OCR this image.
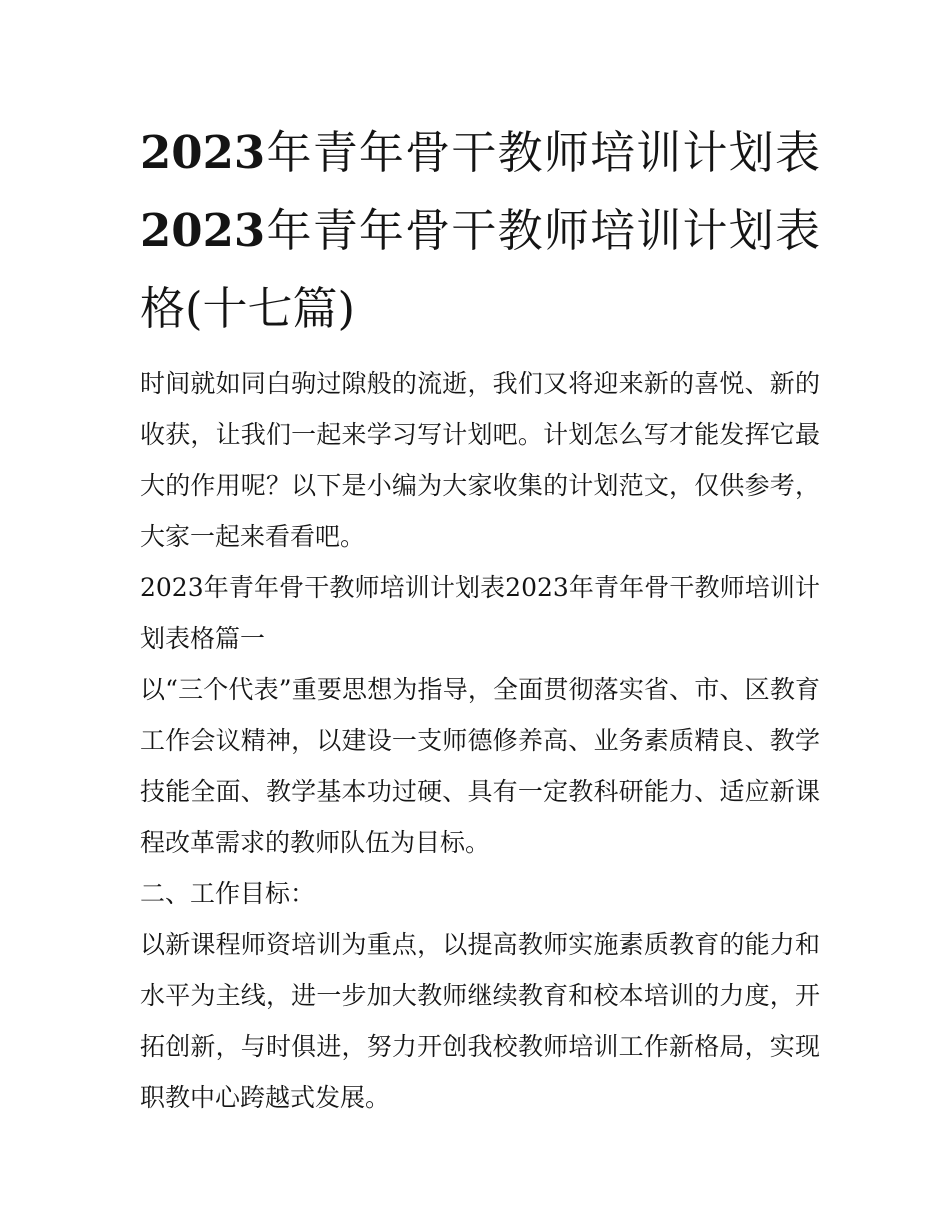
2023年青年骨干教师培训计划表2023年青年骨干教师培训计划表格(十七篇)

时间就如同白驹过隙般的流逝，我们又将迎来新的喜悦、新的收获，让我们一起来学习写计划吧。计划怎么写才能发挥它最大的作用呢？以下是小编为大家收集的计划范文，仅供参考，大家一起来看看吧。

2023年青年骨干教师培训计划表2023年青年骨干教师培训计划表格篇一

以“三个代表”重要思想为指导，全面贯彻落实省、市、区教育工作会议精神，以建设一支师德修养高、业务素质精良、教学技能全面、教学基本功过硬、具有一定教科研能力、适应新课程改革需求的教师队伍为目标。

二、工作目标：

以新课程师资培训为重点，以提高教师实施素质教育的能力和水平为主线，进一步加大教师继续教育和校本培训的力度，开拓创新，与时俱进，努力开创我校教师培训工作新格局，实现职教中心跨越式发展。
